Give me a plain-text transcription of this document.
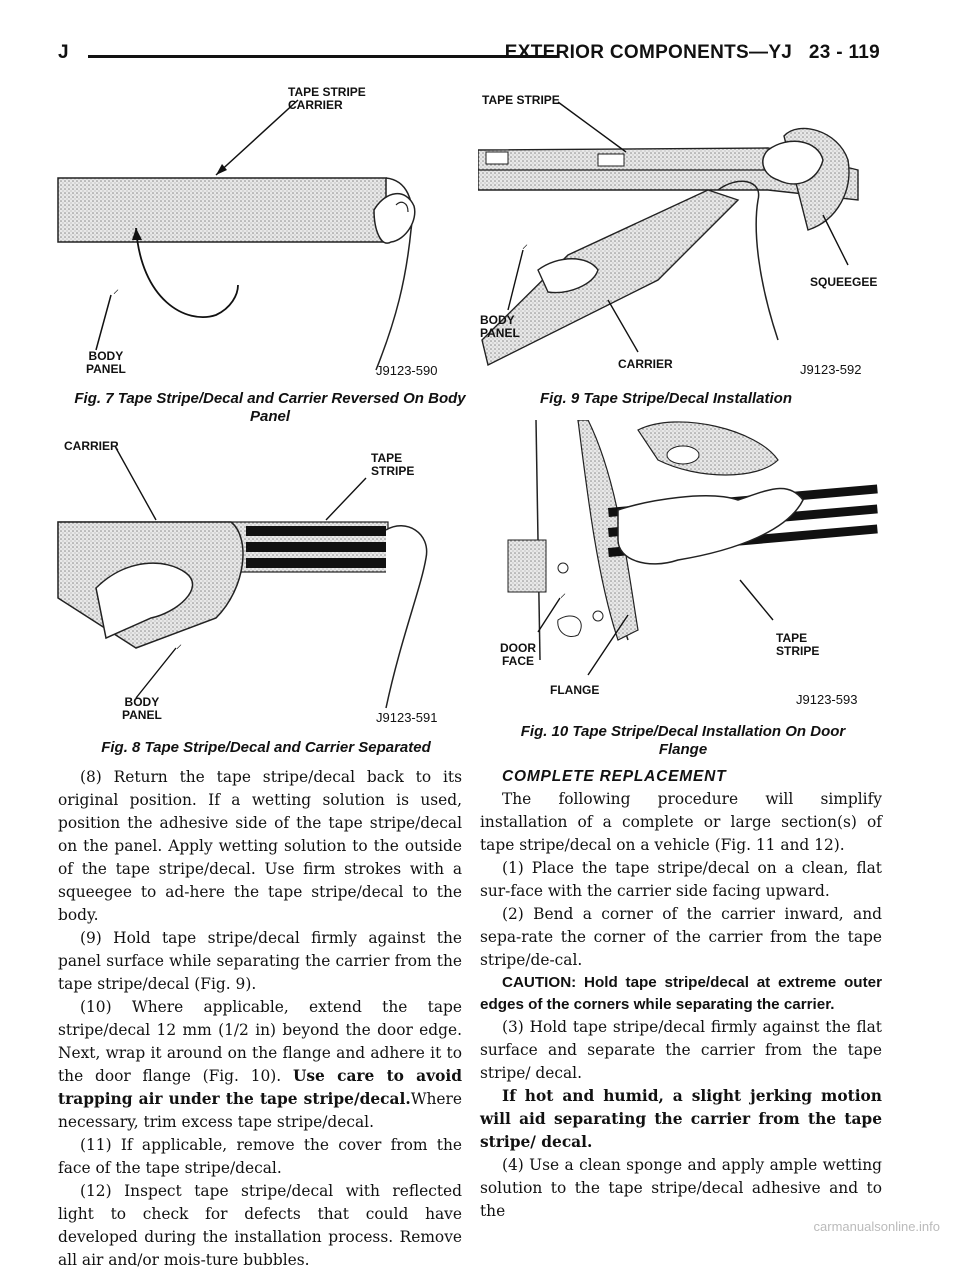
J	EXTERIOR COMPONENTS—YJ 23 - 119
⸝
TAPE STRIPE
CARRIER
BODY
PANEL	J9123-590
Fig. 7 Tape Stripe/Decal and Carrier Reversed On Body Panel
⸝
CARRIER
TAPE
STRIPE
BODY
PANEL	J9123-591
Fig. 8 Tape Stripe/Decal and Carrier Separated
⸝
TAPE STRIPE
SQUEEGEE
BODY
PANEL
CARRIER	J9123-592
Fig. 9 Tape Stripe/Decal Installation
⸝
DOOR
FACE
FLANGE
TAPE
STRIPE
J9123-593
Fig. 10 Tape Stripe/Decal Installation On Door Flange

(8) Return the tape stripe/decal back to its original position. If a wetting solution is used, position the adhesive side of the tape stripe/decal on the panel. Apply wetting solution to the outside of the tape stripe/decal. Use firm strokes with a squeegee to ad-here the tape stripe/decal to the body.

(9) Hold tape stripe/decal firmly against the panel surface while separating the carrier from the tape stripe/decal (Fig. 9).

(10) Where applicable, extend the tape stripe/decal 12 mm (1/2 in) beyond the door edge. Next, wrap it around on the flange and adhere it to the door flange (Fig. 10). Use care to avoid trapping air under the tape stripe/decal.Where necessary, trim excess tape stripe/decal.

(11) If applicable, remove the cover from the face of the tape stripe/decal.

(12) Inspect tape stripe/decal with reflected light to check for defects that could have developed during the installation process. Remove all air and/or mois-ture bubbles.

COMPLETE REPLACEMENT

The following procedure will simplify installation of a complete or large section(s) of tape stripe/decal on a vehicle (Fig. 11 and 12).

(1) Place the tape stripe/decal on a clean, flat sur-face with the carrier side facing upward.

(2) Bend a corner of the carrier inward, and sepa-rate the corner of the carrier from the tape stripe/de-cal.

CAUTION: Hold tape stripe/decal at extreme outer edges of the corners while separating the carrier.

(3) Hold tape stripe/decal firmly against the flat surface and separate the carrier from the tape stripe/ decal.

If hot and humid, a slight jerking motion will aid separating the carrier from the tape stripe/ decal.

(4) Use a clean sponge and apply ample wetting solution to the tape stripe/decal adhesive and to the

carmanualsonline.info
